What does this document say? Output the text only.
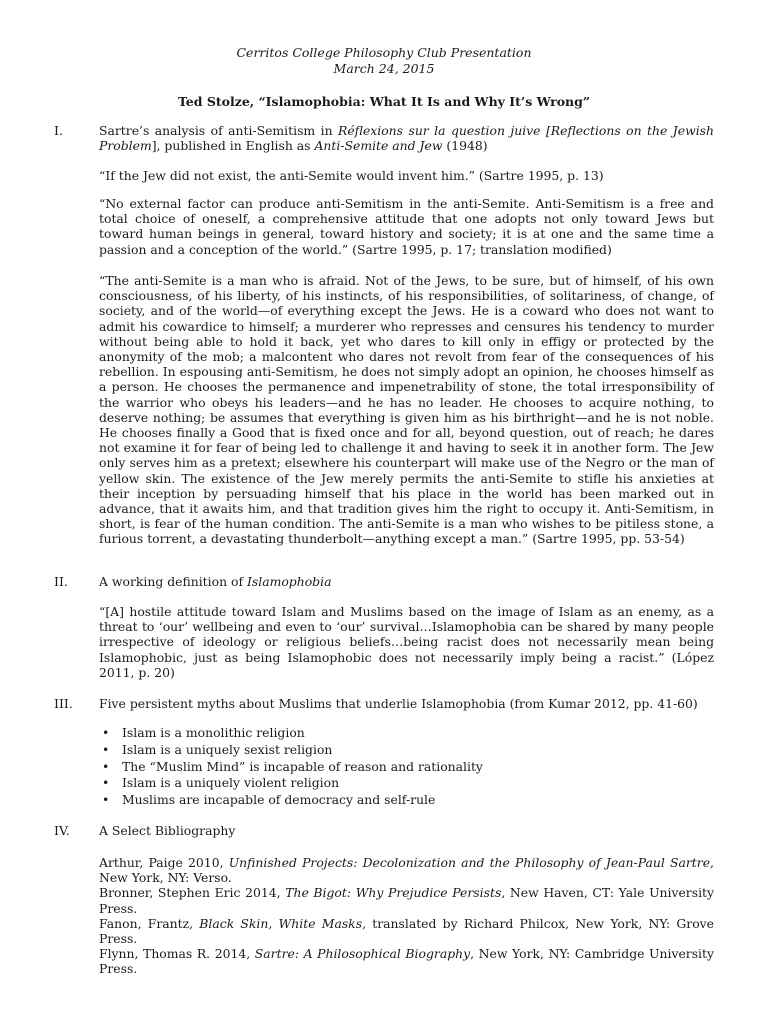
Cerritos College Philosophy Club Presentation
March 24, 2015
Ted Stolze, “Islamophobia: What It Is and Why It’s Wrong”
I.	Sartre’s analysis of anti-Semitism in Réflexions sur la question juive [Reflections on the Jewish Problem], published in English as Anti-Semite and Jew (1948)
“If the Jew did not exist, the anti-Semite would invent him.” (Sartre 1995, p. 13)
“No external factor can produce anti-Semitism in the anti-Semite. Anti-Semitism is a free and total choice of oneself, a comprehensive attitude that one adopts not only toward Jews but toward human beings in general, toward history and society; it is at one and the same time a passion and a conception of the world.” (Sartre 1995, p. 17; translation modified)
“The anti-Semite is a man who is afraid. Not of the Jews, to be sure, but of himself, of his own consciousness, of his liberty, of his instincts, of his responsibilities, of solitariness, of change, of society, and of the world—of everything except the Jews. He is a coward who does not want to admit his cowardice to himself; a murderer who represses and censures his tendency to murder without being able to hold it back, yet who dares to kill only in effigy or protected by the anonymity of the mob; a malcontent who dares not revolt from fear of the consequences of his rebellion. In espousing anti-Semitism, he does not simply adopt an opinion, he chooses himself as a person. He chooses the permanence and impenetrability of stone, the total irresponsibility of the warrior who obeys his leaders—and he has no leader. He chooses to acquire nothing, to deserve nothing; be assumes that everything is given him as his birthright—and he is not noble. He chooses finally a Good that is fixed once and for all, beyond question, out of reach; he dares not examine it for fear of being led to challenge it and having to seek it in another form. The Jew only serves him as a pretext; elsewhere his counterpart will make use of the Negro or the man of yellow skin. The existence of the Jew merely permits the anti-Semite to stifle his anxieties at their inception by persuading himself that his place in the world has been marked out in advance, that it awaits him, and that tradition gives him the right to occupy it. Anti-Semitism, in short, is fear of the human condition. The anti-Semite is a man who wishes to be pitiless stone, a furious torrent, a devastating thunderbolt—anything except a man.” (Sartre 1995, pp. 53-54)
II.	A working definition of Islamophobia
“[A] hostile attitude toward Islam and Muslims based on the image of Islam as an enemy, as a threat to ‘our’ wellbeing and even to ‘our’ survival…Islamophobia can be shared by many people irrespective of ideology or religious beliefs…being racist does not necessarily mean being Islamophobic, just as being Islamophobic does not necessarily imply being a racist.” (López 2011, p. 20)
III. Five persistent myths about Muslims that underlie Islamophobia (from Kumar 2012, pp. 41-60)
• Islam is a monolithic religion
• Islam is a uniquely sexist religion
• The “Muslim Mind” is incapable of reason and rationality
• Islam is a uniquely violent religion
• Muslims are incapable of democracy and self-rule
IV. A Select Bibliography

Arthur, Paige 2010, Unfinished Projects: Decolonization and the Philosophy of Jean-Paul Sartre, New York, NY: Verso.

Bronner, Stephen Eric 2014, The Bigot: Why Prejudice Persists, New Haven, CT: Yale University Press.

Fanon, Frantz, Black Skin, White Masks, translated by Richard Philcox, New York, NY: Grove Press.

Flynn, Thomas R. 2014, Sartre: A Philosophical Biography, New York, NY: Cambridge University Press.
